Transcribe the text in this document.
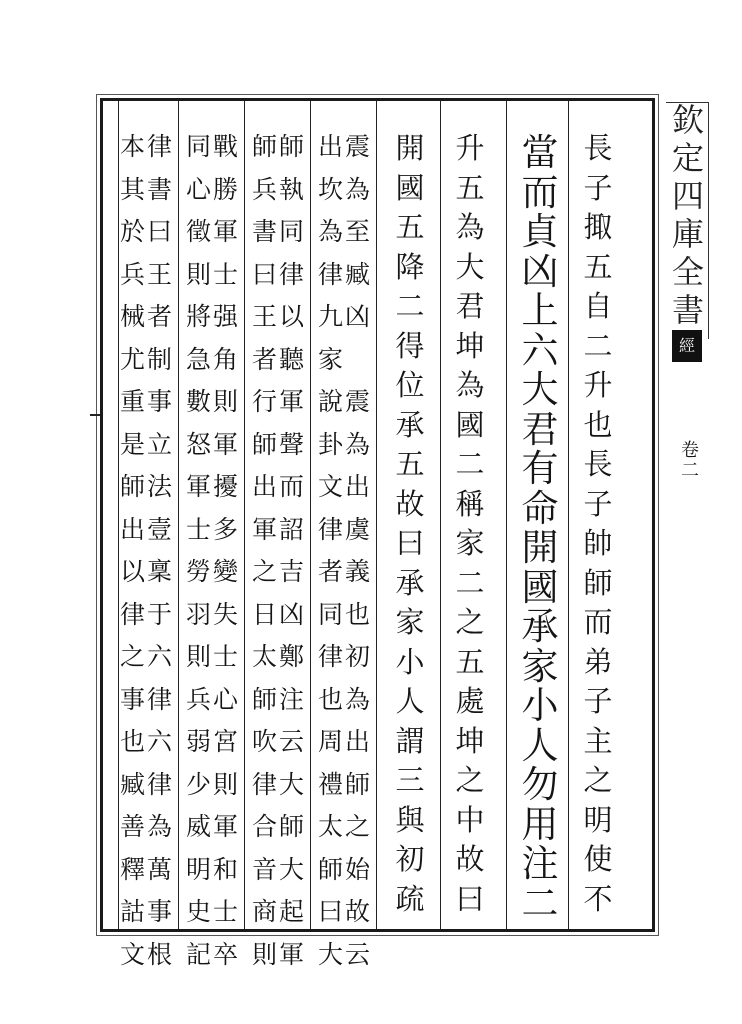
欽
定
四
庫
全
書
經
卷
二
長
子
掫
五
自
二
升
也
長
子
帥
師
而
弟
子
主
之
明
使
不
當
而
貞
凶
上
六
大
君
有
命
開
國
承
家
小
人
勿
用
注
二
升
五
為
大
君
坤
為
國
二
稱
家
二
之
五
處
坤
之
中
故
曰
開
國
五
降
二
得
位
承
五
故
曰
承
家
小
人
謂
三
與
初
疏
震
為
至
臧
凶

震
為
出
虞
義
也
初
為
出
師
之
始
故
云
出
坎
為
律
九
家
說
卦
文
律
者
同
律
也
周
禮
太
師
曰
大
師
執
同
律
以
聽
軍
聲
而
詔
吉
凶
鄭
注
云
大
師
大
起
軍
師
兵
書
曰
王
者
行
師
出
軍
之
日
太
師
吹
律
合
音
商
則
戰
勝
軍
士
强
角
則
軍
擾
多
變
失
士
心
宮
則
軍
和
士
卒
同
心
徵
則
將
急
數
怒
軍
士
勞
羽
則
兵
弱
少
威
明
史
記
律
書
曰
王
者
制
事
立
法
壹
稟
于
六
律
六
律
為
萬
事
根
本
其
於
兵
械
尤
重
是
師
出
以
律
之
事
也
臧
善
釋
詁
文
